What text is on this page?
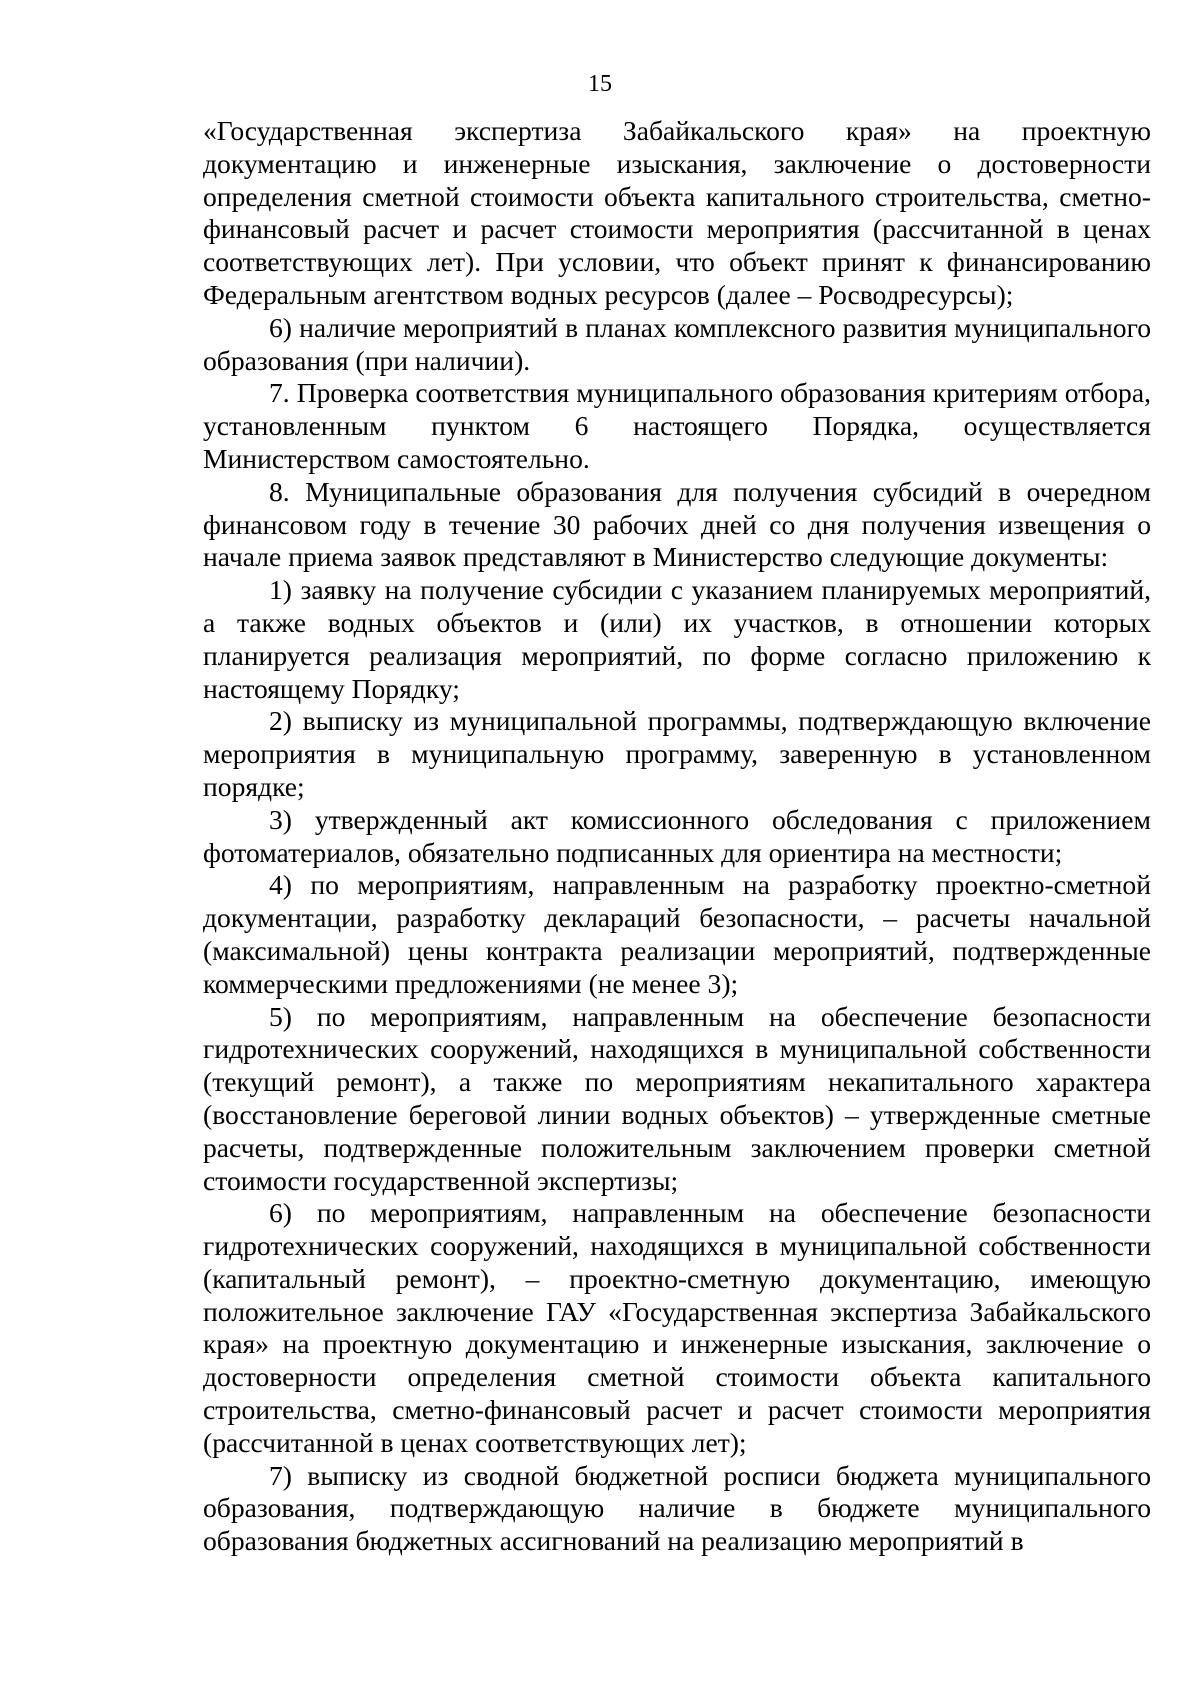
15

«Государственная экспертиза Забайкальского края» на проектную документацию и инженерные изыскания, заключение о достоверности определения сметной стоимости объекта капитального строительства, сметно-финансовый расчет и расчет стоимости мероприятия (рассчитанной в ценах соответствующих лет). При условии, что объект принят к финансированию Федеральным агентством водных ресурсов (далее – Росводресурсы);

6) наличие мероприятий в планах комплексного развития муниципального образования (при наличии).

7. Проверка соответствия муниципального образования критериям отбора, установленным пунктом 6 настоящего Порядка, осуществляется Министерством самостоятельно.

8. Муниципальные образования для получения субсидий в очередном финансовом году в течение 30 рабочих дней со дня получения извещения о начале приема заявок представляют в Министерство следующие документы:

1) заявку на получение субсидии с указанием планируемых мероприятий, а также водных объектов и (или) их участков, в отношении которых планируется реализация мероприятий, по форме согласно приложению к настоящему Порядку;

2) выписку из муниципальной программы, подтверждающую включение мероприятия в муниципальную программу, заверенную в установленном порядке;

3) утвержденный акт комиссионного обследования с приложением фотоматериалов, обязательно подписанных для ориентира на местности;

4) по мероприятиям, направленным на разработку проектно-сметной документации, разработку деклараций безопасности, – расчеты начальной (максимальной) цены контракта реализации мероприятий, подтвержденные коммерческими предложениями (не менее 3);

5) по мероприятиям, направленным на обеспечение безопасности гидротехнических сооружений, находящихся в муниципальной собственности (текущий ремонт), а также по мероприятиям некапитального характера (восстановление береговой линии водных объектов) – утвержденные сметные расчеты, подтвержденные положительным заключением проверки сметной стоимости государственной экспертизы;

6) по мероприятиям, направленным на обеспечение безопасности гидротехнических сооружений, находящихся в муниципальной собственности (капитальный ремонт), – проектно-сметную документацию, имеющую положительное заключение ГАУ «Государственная экспертиза Забайкальского края» на проектную документацию и инженерные изыскания, заключение о достоверности определения сметной стоимости объекта капитального строительства, сметно-финансовый расчет и расчет стоимости мероприятия (рассчитанной в ценах соответствующих лет);

7) выписку из сводной бюджетной росписи бюджета муниципального образования, подтверждающую наличие в бюджете муниципального образования бюджетных ассигнований на реализацию мероприятий в
